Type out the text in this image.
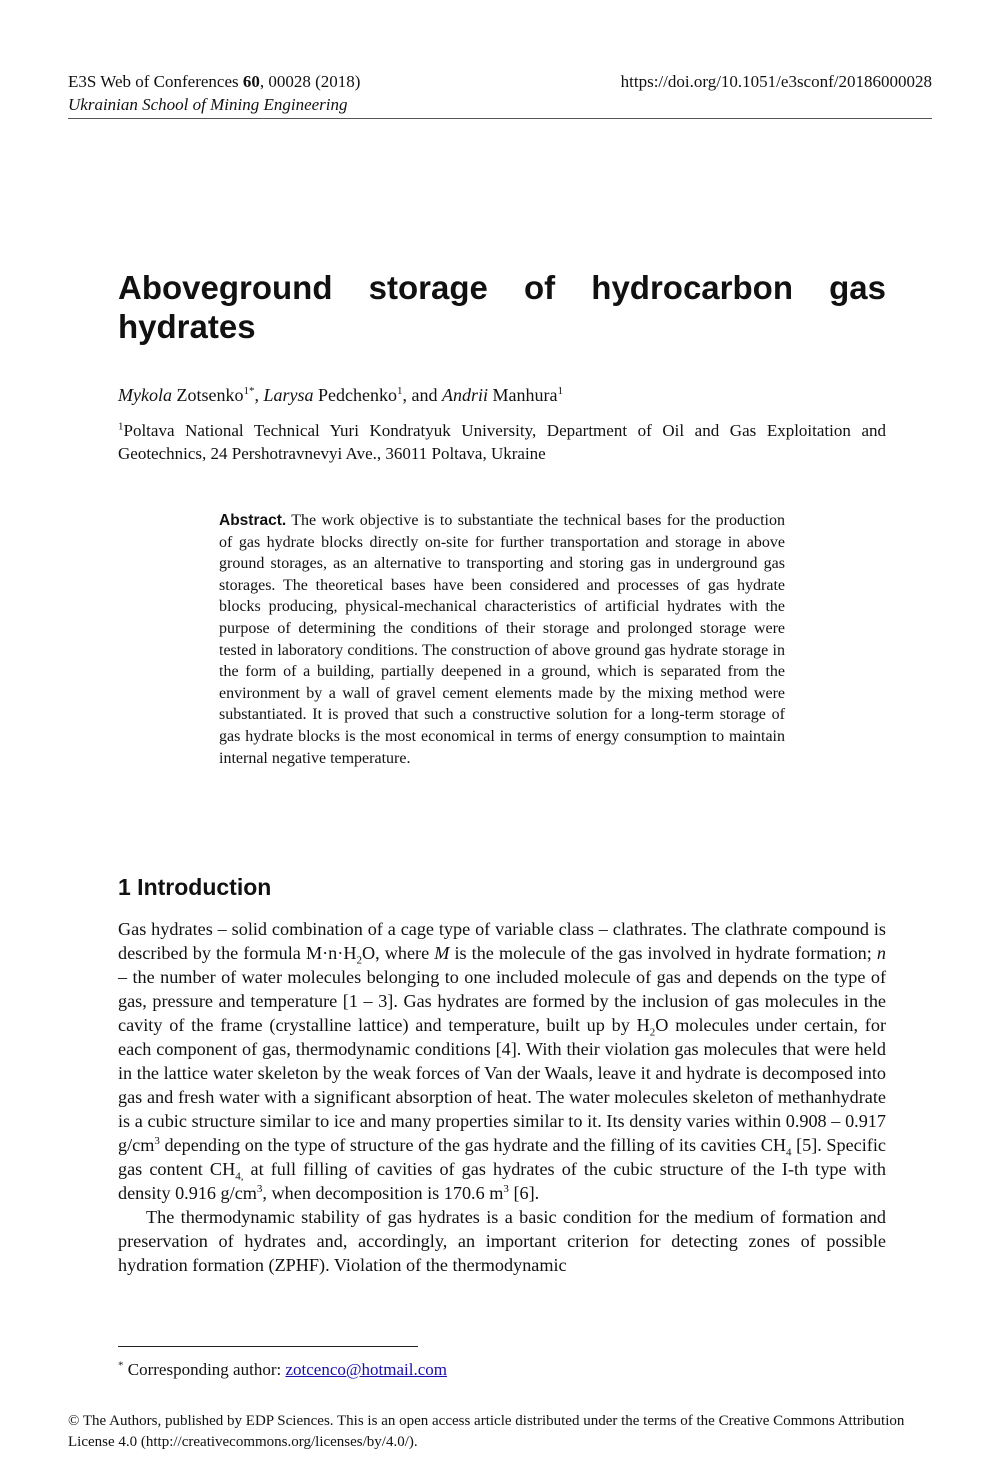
E3S Web of Conferences 60, 00028 (2018)
Ukrainian School of Mining Engineering
https://doi.org/10.1051/e3sconf/20186000028
Aboveground storage of hydrocarbon gas hydrates
Mykola Zotsenko$^{1*}$, Larysa Pedchenko$^1$, and Andrii Manhura$^1$

$^1$Poltava National Technical Yuri Kondratyuk University, Department of Oil and Gas Exploitation and Geotechnics, 24 Pershotravnevyi Ave., 36011 Poltava, Ukraine

Abstract. The work objective is to substantiate the technical bases for the production of gas hydrate blocks directly on-site for further transportation and storage in above ground storages, as an alternative to transporting and storing gas in underground gas storages. The theoretical bases have been considered and processes of gas hydrate blocks producing, physical-mechanical characteristics of artificial hydrates with the purpose of determining the conditions of their storage and prolonged storage were tested in laboratory conditions. The construction of above ground gas hydrate storage in the form of a building, partially deepened in a ground, which is separated from the environment by a wall of gravel cement elements made by the mixing method were substantiated. It is proved that such a constructive solution for a long-term storage of gas hydrate blocks is the most economical in terms of energy consumption to maintain internal negative temperature.

1 Introduction

Gas hydrates – solid combination of a cage type of variable class – clathrates. The clathrate compound is described by the formula $M\cdot n\cdot H_2O$, where M is the molecule of the gas involved in hydrate formation; n – the number of water molecules belonging to one included molecule of gas and depends on the type of gas, pressure and temperature [1 – 3]. Gas hydrates are formed by the inclusion of gas molecules in the cavity of the frame (crystalline lattice) and temperature, built up by $H_2O$ molecules under certain, for each component of gas, thermodynamic conditions [4]. With their violation gas molecules that were held in the lattice water skeleton by the weak forces of Van der Waals, leave it and hydrate is decomposed into gas and fresh water with a significant absorption of heat. The water molecules skeleton of methanhydrate is a cubic structure similar to ice and many properties similar to it. Its density varies within 0.908 – 0.917 $g/cm^3$ depending on the type of structure of the gas hydrate and the filling of its cavities $CH_4$ [5]. Specific gas content $CH_{4,}$ at full filling of cavities of gas hydrates of the cubic structure of the I-th type with density 0.916 $g/cm^3$, when decomposition is 170.6 $m^3$ [6].

The thermodynamic stability of gas hydrates is a basic condition for the medium of formation and preservation of hydrates and, accordingly, an important criterion for detecting zones of possible hydration formation (ZPHF). Violation of the thermodynamic

* Corresponding author: zotcenco@hotmail.com
© The Authors, published by EDP Sciences. This is an open access article distributed under the terms of the Creative Commons Attribution License 4.0 (http://creativecommons.org/licenses/by/4.0/).
